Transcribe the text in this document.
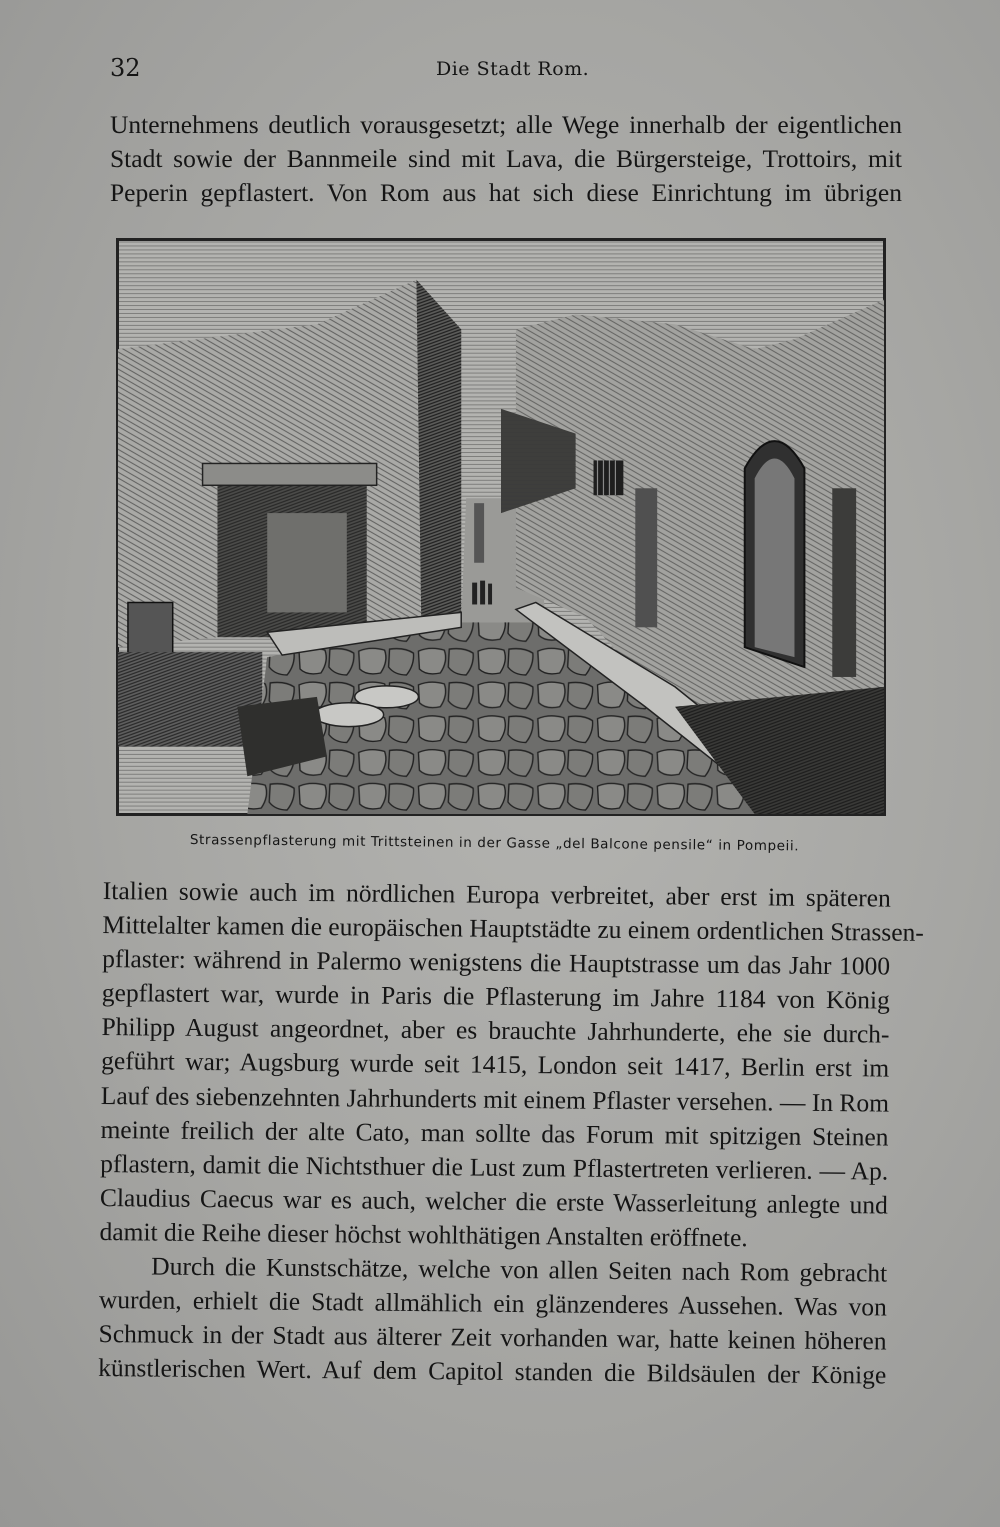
32	Die Stadt Rom.
Unternehmens deutlich vorausgesetzt; alle Wege innerhalb der eigentlichen
Stadt sowie der Bannmeile sind mit Lava, die Bürgersteige, Trottoirs, mit
Peperin gepflastert. Von Rom aus hat sich diese Einrichtung im übrigen
Strassenpflasterung mit Trittsteinen in der Gasse „del Balcone pensile“ in Pompeii.
Italien sowie auch im nördlichen Europa verbreitet, aber erst im späteren
Mittelalter kamen die europäischen Hauptstädte zu einem ordentlichen Strassen-
pflaster: während in Palermo wenigstens die Hauptstrasse um das Jahr 1000
gepflastert war, wurde in Paris die Pflasterung im Jahre 1184 von König
Philipp August angeordnet, aber es brauchte Jahrhunderte, ehe sie durch-
geführt war; Augsburg wurde seit 1415, London seit 1417, Berlin erst im
Lauf des siebenzehnten Jahrhunderts mit einem Pflaster versehen. — In Rom
meinte freilich der alte Cato, man sollte das Forum mit spitzigen Steinen
pflastern, damit die Nichtsthuer die Lust zum Pflastertreten verlieren. — Ap.
Claudius Caecus war es auch, welcher die erste Wasserleitung anlegte und
damit die Reihe dieser höchst wohlthätigen Anstalten eröffnete.
Durch die Kunstschätze, welche von allen Seiten nach Rom gebracht
wurden, erhielt die Stadt allmählich ein glänzenderes Aussehen. Was von
Schmuck in der Stadt aus älterer Zeit vorhanden war, hatte keinen höheren
künstlerischen Wert. Auf dem Capitol standen die Bildsäulen der Könige
